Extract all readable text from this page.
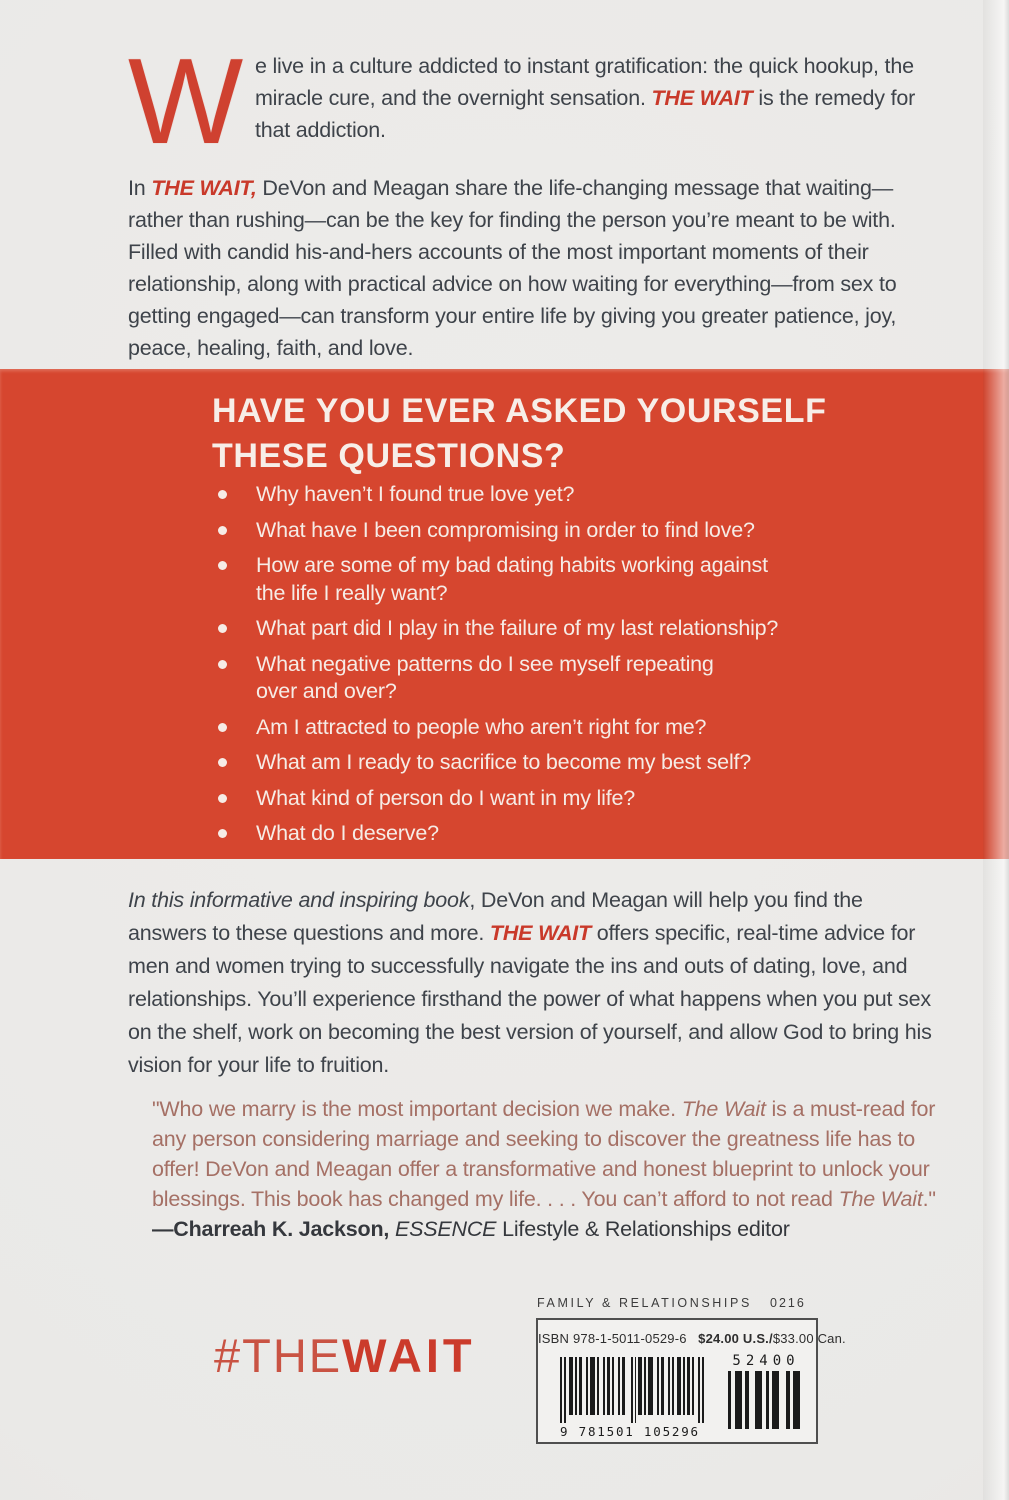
We live in a culture addicted to instant gratification: the quick hookup, the miracle cure, and the overnight sensation. THE WAIT is the remedy for that addiction.

In THE WAIT, DeVon and Meagan share the life-changing message that waiting—rather than rushing—can be the key for finding the person you’re meant to be with. Filled with candid his-and-hers accounts of the most important moments of their relationship, along with practical advice on how waiting for everything—from sex to getting engaged—can transform your entire life by giving you greater patience, joy, peace, healing, faith, and love.

HAVE YOU EVER ASKED YOURSELF
THESE QUESTIONS?
Why haven’t I found true love yet?
What have I been compromising in order to find love?
How are some of my bad dating habits working against
the life I really want?
What part did I play in the failure of my last relationship?
What negative patterns do I see myself repeating
over and over?
Am I attracted to people who aren’t right for me?
What am I ready to sacrifice to become my best self?
What kind of person do I want in my life?
What do I deserve?

In this informative and inspiring book, DeVon and Meagan will help you find the answers to these questions and more. THE WAIT offers specific, real-time advice for men and women trying to successfully navigate the ins and outs of dating, love, and relationships. You’ll experience firsthand the power of what happens when you put sex on the shelf, work on becoming the best version of yourself, and allow God to bring his vision for your life to fruition.

"Who we marry is the most important decision we make. The Wait is a must-read for any person considering marriage and seeking to discover the greatness life has to offer! DeVon and Meagan offer a transformative and honest blueprint to unlock your blessings. This book has changed my life. . . . You can’t afford to not read The Wait." —Charreah K. Jackson, ESSENCE Lifestyle & Relationships editor

#THEWAIT
FAMILY & RELATIONSHIPS 0216
ISBN 978-1-5011-0529-6 $24.00 U.S./$33.00 Can.
9 781501 105296
52400
